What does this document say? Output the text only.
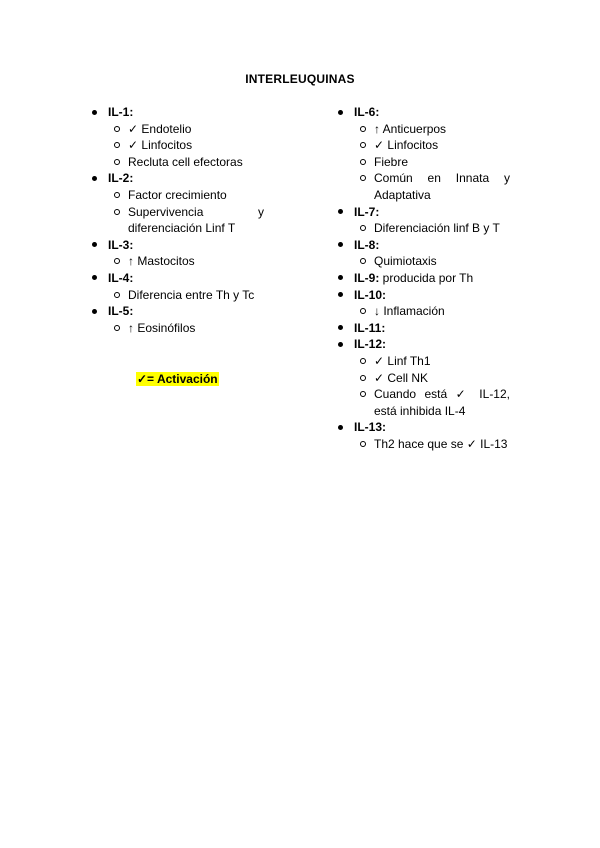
INTERLEUQUINAS
IL-1:
✓ Endotelio
✓ Linfocitos
Recluta cell efectoras
IL-2:
Factor crecimiento
Supervivencia y
diferenciación Linf T
IL-3:
↑ Mastocitos
IL-4:
Diferencia entre Th y Tc
IL-5:
↑ Eosinófilos
✓= Activación
IL-6:
↑ Anticuerpos
✓ Linfocitos
Fiebre
Común en Innata y
Adaptativa
IL-7:
Diferenciación linf B y T
IL-8:
Quimiotaxis
IL-9: producida por Th
IL-10:
↓ Inflamación
IL-11:
IL-12:
✓ Linf Th1
✓ Cell NK
Cuando está ✓ IL-12,
está inhibida IL-4
IL-13:
Th2 hace que se ✓ IL-13
